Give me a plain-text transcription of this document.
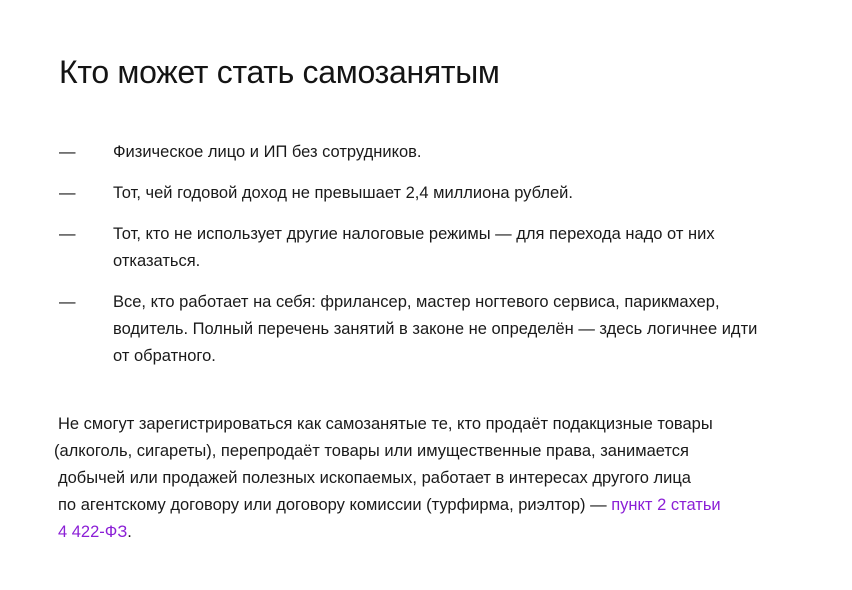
Кто может стать самозанятым
— Физическое лицо и ИП без сотрудников.
— Тот, чей годовой доход не превышает 2,4 миллиона рублей.
— Тот, кто не использует другие налоговые режимы — для перехода надо от них
отказаться.
— Все, кто работает на себя: фрилансер, мастер ногтевого сервиса, парикмахер,
водитель. Полный перечень занятий в законе не определён — здесь логичнее идти
от обратного.

Не смогут зарегистрироваться как самозанятые те, кто продаёт подакцизные товары
(алкоголь, сигареты), перепродаёт товары или имущественные права, занимается
добычей или продажей полезных ископаемых, работает в интересах другого лица
по агентскому договору или договору комиссии (турфирма, риэлтор) — пункт 2 статьи
4 422-ФЗ.
